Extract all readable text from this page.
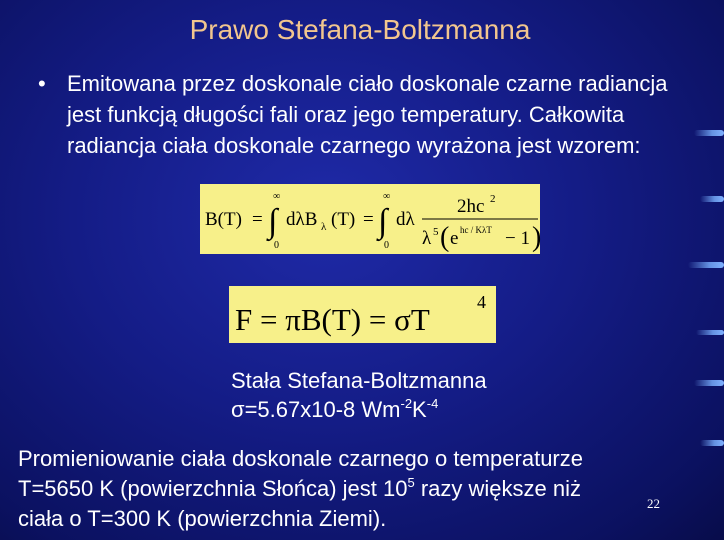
Prawo Stefana-Boltzmanna
• Emitowana przez doskonale ciało doskonale czarne radiancja jest funkcją długości fali oraz jego temperatury. Całkowita radiancja ciała doskonale czarnego wyrażona jest wzorem:
B(T) = ∫
∞
0
dλB λ (T) = ∫
∞
0
dλ
2hc 2
λ 5 ( e hc / KλT − 1 )
F = πB(T) = σT	4
Stała Stefana-Boltzmanna
σ=5.67x10-8 $Wm^{-2}K^{-4}$
Promieniowanie ciała doskonale czarnego o temperaturze
T=5650 K (powierzchnia Słońca) jest $10^5$ razy większe niż
ciała o T=300 K (powierzchnia Ziemi).
22
